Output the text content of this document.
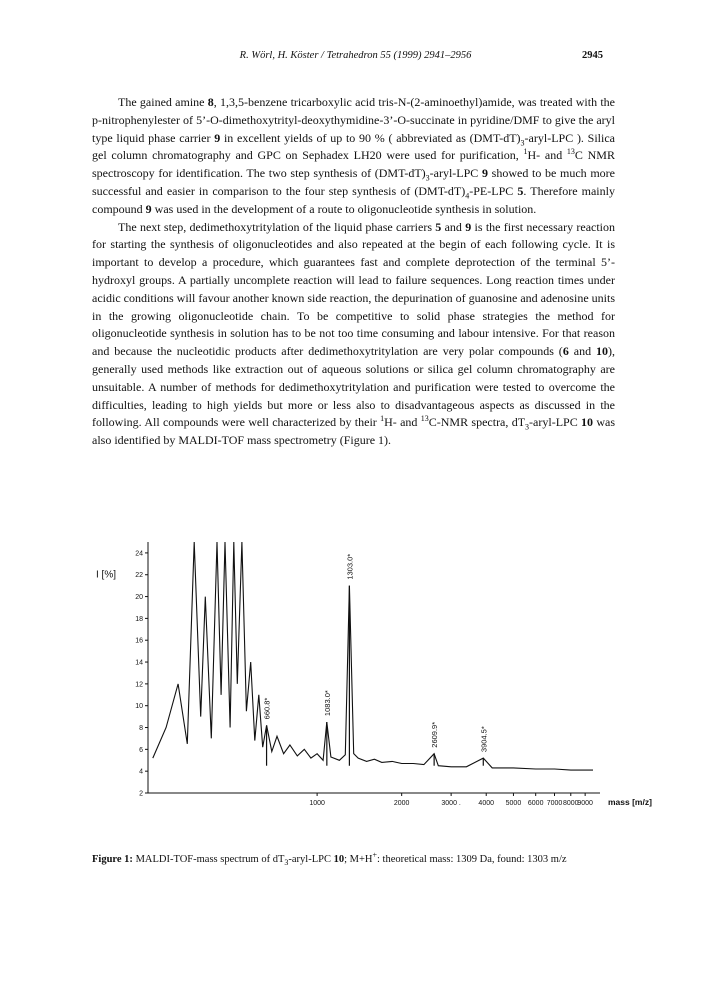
R. Wörl, H. Köster / Tetrahedron 55 (1999) 2941–2956	2945

The gained amine 8, 1,3,5-benzene tricarboxylic acid tris-N-(2-aminoethyl)amide, was treated with the p-nitrophenylester of 5’-O-dimethoxytrityl-deoxythymidine-3’-O-succinate in pyridine/DMF to give the aryl type liquid phase carrier 9 in excellent yields of up to 90 % ( abbreviated as $(DMT-dT)_3-aryl$-LPC ). Silica gel column chromatography and GPC on Sephadex LH20 were used for purification, $^1$H- and $^{13}$C NMR spectroscopy for identification. The two step synthesis of $(DMT-dT)_3-aryl$-LPC 9 showed to be much more successful and easier in comparison to the four step synthesis of $(DMT-dT)_4-PE$-LPC 5. Therefore mainly compound 9 was used in the development of a route to oligonucleotide synthesis in solution.

The next step, dedimethoxytritylation of the liquid phase carriers 5 and 9 is the first necessary reaction for starting the synthesis of oligonucleotides and also repeated at the begin of each following cycle. It is important to develop a procedure, which guarantees fast and complete deprotection of the terminal 5’-hydroxyl groups. A partially uncomplete reaction will lead to failure sequences. Long reaction times under acidic conditions will favour another known side reaction, the depurination of guanosine and adenosine units in the growing oligonucleotide chain. To be competitive to solid phase strategies the method for oligonucleotide synthesis in solution has to be not too time consuming and labour intensive. For that reason and because the nucleotidic products after dedimethoxytritylation are very polar compounds (6 and 10), generally used methods like extraction out of aqueous solutions or silica gel column chromatography are unsuitable. A number of methods for dedimethoxytritylation and purification were tested to overcome the difficulties, leading to high yields but more or less also to disadvantageous aspects as discussed in the following. All compounds were well characterized by their $^1$H- and $^{13}$C-NMR spectra, $dT_3-aryl$-LPC 10 was also identified by MALDI-TOF mass spectrometry (Figure 1).

2
4
6
8
10
12
14
16
18
20
22
24
I [%]
1000	2000	3000 .	4000 5000 6000 7000 8000
9000 mass [m/z]
660.8*	1083.0*
1303.0*
2609.9*	3904.5*
Figure 1: MALDI-TOF-mass spectrum of $dT_3-aryl$-LPC 10; M+H+: theoretical mass: 1309 Da, found: 1303 m/z
